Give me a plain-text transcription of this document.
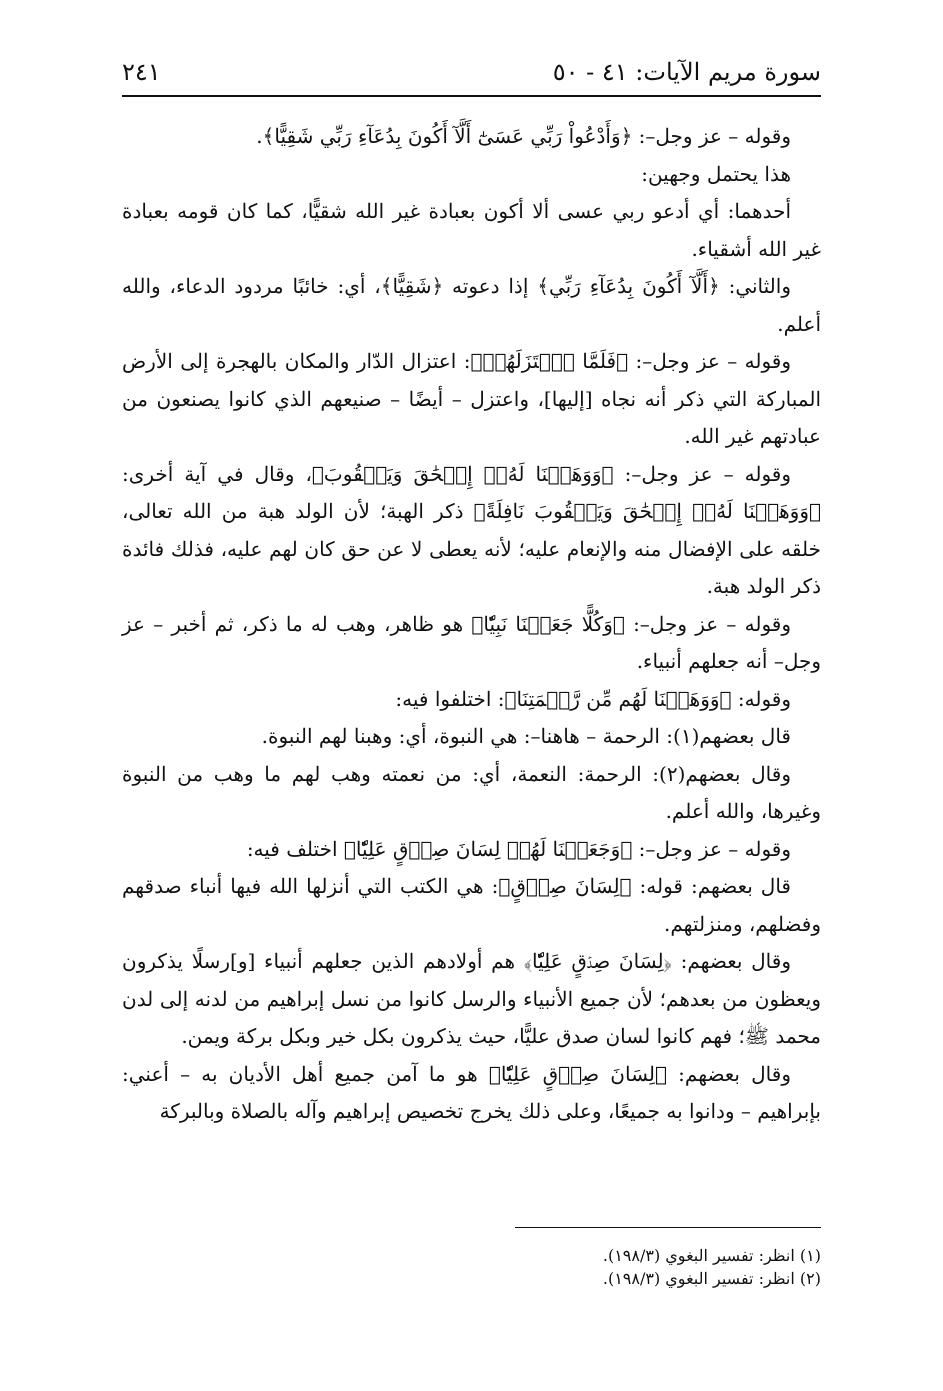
سورة مريم الآيات: ٤١ - ٥٠
٢٤١

وقوله – عز وجل–: ﴿وَأَدْعُواْ رَبِّي عَسَىٰٓ أَلَّآ أَكُونَ بِدُعَآءِ رَبِّي شَقِيًّا﴾.

هذا يحتمل وجهين:

أحدهما: أي أدعو ربي عسى ألا أكون بعبادة غير الله شقيًّا، كما كان قومه بعبادة غير الله أشقياء.

والثاني: ﴿أَلَّآ أَكُونَ بِدُعَآءِ رَبِّي﴾ إذا دعوته ﴿شَقِيًّا﴾، أي: خائبًا مردود الدعاء، والله أعلم.

وقوله – عز وجل–: ﴿فَلَمَّا ٱعۡتَزَلَهُمۡ﴾: اعتزال الدّار والمكان بالهجرة إلى الأرض المباركة التي ذكر أنه نجاه [إليها]، واعتزل – أيضًا – صنيعهم الذي كانوا يصنعون من عبادتهم غير الله.

وقوله – عز وجل–: ﴿وَوَهَبۡنَا لَهُۥٓ إِسۡحَٰقَ وَيَعۡقُوبَ﴾، وقال في آية أخرى: ﴿وَوَهَبۡنَا لَهُۥٓ إِسۡحَٰقَ وَيَعۡقُوبَ نَافِلَةً﴾ ذكر الهبة؛ لأن الولد هبة من الله تعالى، خلقه على الإفضال منه والإنعام عليه؛ لأنه يعطى لا عن حق كان لهم عليه، فذلك فائدة ذكر الولد هبة.

وقوله – عز وجل–: ﴿وَكُلًّا جَعَلۡنَا نَبِيّٗا﴾ هو ظاهر، وهب له ما ذكر، ثم أخبر – عز وجل– أنه جعلهم أنبياء.

وقوله: ﴿وَوَهَبۡنَا لَهُم مِّن رَّحۡمَتِنَا﴾: اختلفوا فيه:

قال بعضهم(١): الرحمة – هاهنا–: هي النبوة، أي: وهبنا لهم النبوة.

وقال بعضهم(٢): الرحمة: النعمة، أي: من نعمته وهب لهم ما وهب من النبوة وغيرها، والله أعلم.

وقوله – عز وجل–: ﴿وَجَعَلۡنَا لَهُمۡ لِسَانَ صِدۡقٍ عَلِيّٗا﴾ اختلف فيه:

قال بعضهم: قوله: ﴿لِسَانَ صِدۡقٍ﴾: هي الكتب التي أنزلها الله فيها أنباء صدقهم وفضلهم، ومنزلتهم.

وقال بعضهم: ﴿لِسَانَ صِدۡقٍ عَلِيّٗا﴾ هم أولادهم الذين جعلهم أنبياء [و]رسلًا يذكرون ويعظون من بعدهم؛ لأن جميع الأنبياء والرسل كانوا من نسل إبراهيم من لدنه إلى لدن محمد ﷺ؛ فهم كانوا لسان صدق عليًّا، حيث يذكرون بكل خير وبكل بركة ويمن.

وقال بعضهم: ﴿لِسَانَ صِدۡقٍ عَلِيّٗا﴾ هو ما آمن جميع أهل الأديان به – أعني: بإبراهيم – ودانوا به جميعًا، وعلى ذلك يخرج تخصيص إبراهيم وآله بالصلاة وبالبركة

(١) انظر: تفسير البغوي (١٩٨/٣).

(٢) انظر: تفسير البغوي (١٩٨/٣).
